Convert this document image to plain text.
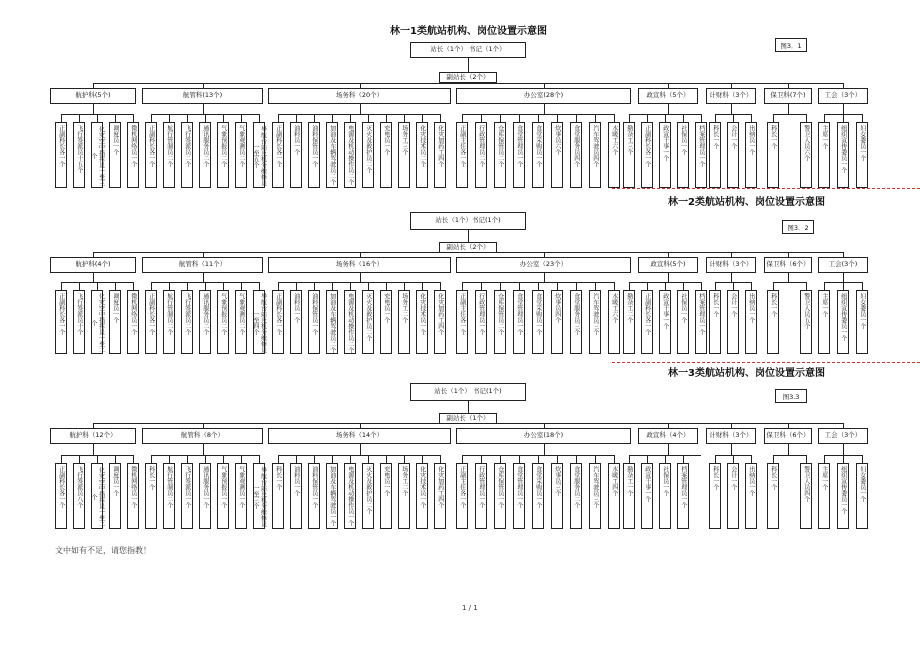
林一1类航站机构、岗位设置示意图
图3．1
站长（1个） 书记（1个）
副站长（2个）
航护科(5个)
正副科长各一个	飞行签派员十五个	化灾空中指挥员一至三个
调度员一个	微机网络员一个
航管科(13个)
正副科长各一个	航行管制员二个	飞行签派员二个	通讯服务员二个	气象预报员二个	气象观测员二个	导航台站及机务维修员一至五个
场务科（20个）
正副科长各一个	油料员一个	油料保管员一个	加油及车辆驾驶员二个	电源及机动操作员二个	灭火及救护员二个	充电员一个	场务工三个	化灾技术员二个	化灾加药工四个
办公室(28个)
正副主任各一个	行政管理员二个	仓库保管员二个	食堂管理员一个	食堂采购员一个	炊事员六个	食堂服务员四个	汽车驾驶员四个	水暖工六个
政宣科（5个）
勤杂工三个	正副科长各一个	政宣干事一个	社保员一个	档案管理员一个
计财科（3个）
科长一个	会计一个	出纳员一个
保卫科(7个)
科长一个	警卫人员六个
工会（3个）
主席一个	组织宣传委员一个	妇女委员一个
林一2类航站机构、岗位设置示意图
图3．2
站长（1个）书记(1个)
副站长（2个）
航护科(4个)
正副科长各一个	飞行签派员十个	化灾空中指挥员一至二个	调度员一个	微机网络员一个
航管科（11个）
正副科长各一个	航行管制员二个	飞行签派员二个	通讯服务员二个	气象预报员二个	气象观测员二个	导航台站及机务维修员一至四个
场务科（16个）
正副科长各一个	油料员一个	油料保管员一个	加油及车辆驾驶员二个	电源及机动操作员二个	灭火及救护员二个	充电员一个	场务工二个	化灾技术员一个	化灾加药工四个
办公室（23个）
正副主任各一个	行政管理员一个	仓库保管员二个	食堂管理员一个	食堂采购员一个	炊事员四个	食堂服务员三个	汽车驾驶员三个	水暖工六个
政宣科(5个)
勤杂工二个	正副科长各一个	政宣干事一个	社保员一个	档案管理员一个
计财科（3个）
科长一个	会计一个	出纳员一个
保卫科（6个）
科长一个	警卫人员五个
工会(3个)
主席一个	组织宣传委员一个	妇女委员一个
林一3类航站机构、岗位设置示意图
图3.3
站长（1个） 书记(1个)
副站长（1个）
航护科（12个）
正副科长各一个	飞行签派员八个	化灾空中指挥员一至二个
调度员一个	微机网络员一个
航管科（8个）
科长一个	航行管制员二个	飞行签派员一个	通讯服务员一个	气象预报员一个	气象观测员一个	导航台站及机务维修员一至三个
场务科（14个）
科长一个	油料员一个	油料保管员一个	加油及车辆驾驶员一个	电源及机动操作员一个	灭火及救护员二个	充电员一个	场务工二个	化灾技术员一个	化灾加药工四个
办公室(18个)
正副主任各一个	行政管理员一个	仓库保管员一个	食堂管理员一个	食堂采购员一个	炊事员三个	食堂服务员二个	汽车驾驶员三个	水暖工四个
政宣科（4个）
勤杂工一个	政宣干事一个	社保员一个	档案管理员一个
计财科（3个）
科长一个	会计一个	出纳员一个
保卫科（6个）
科长一个	警卫人员四个
工会（3个）
主席一个	组织宣传委员一个	妇女委员一个
文中如有不足，请您指教！
1 / 1
